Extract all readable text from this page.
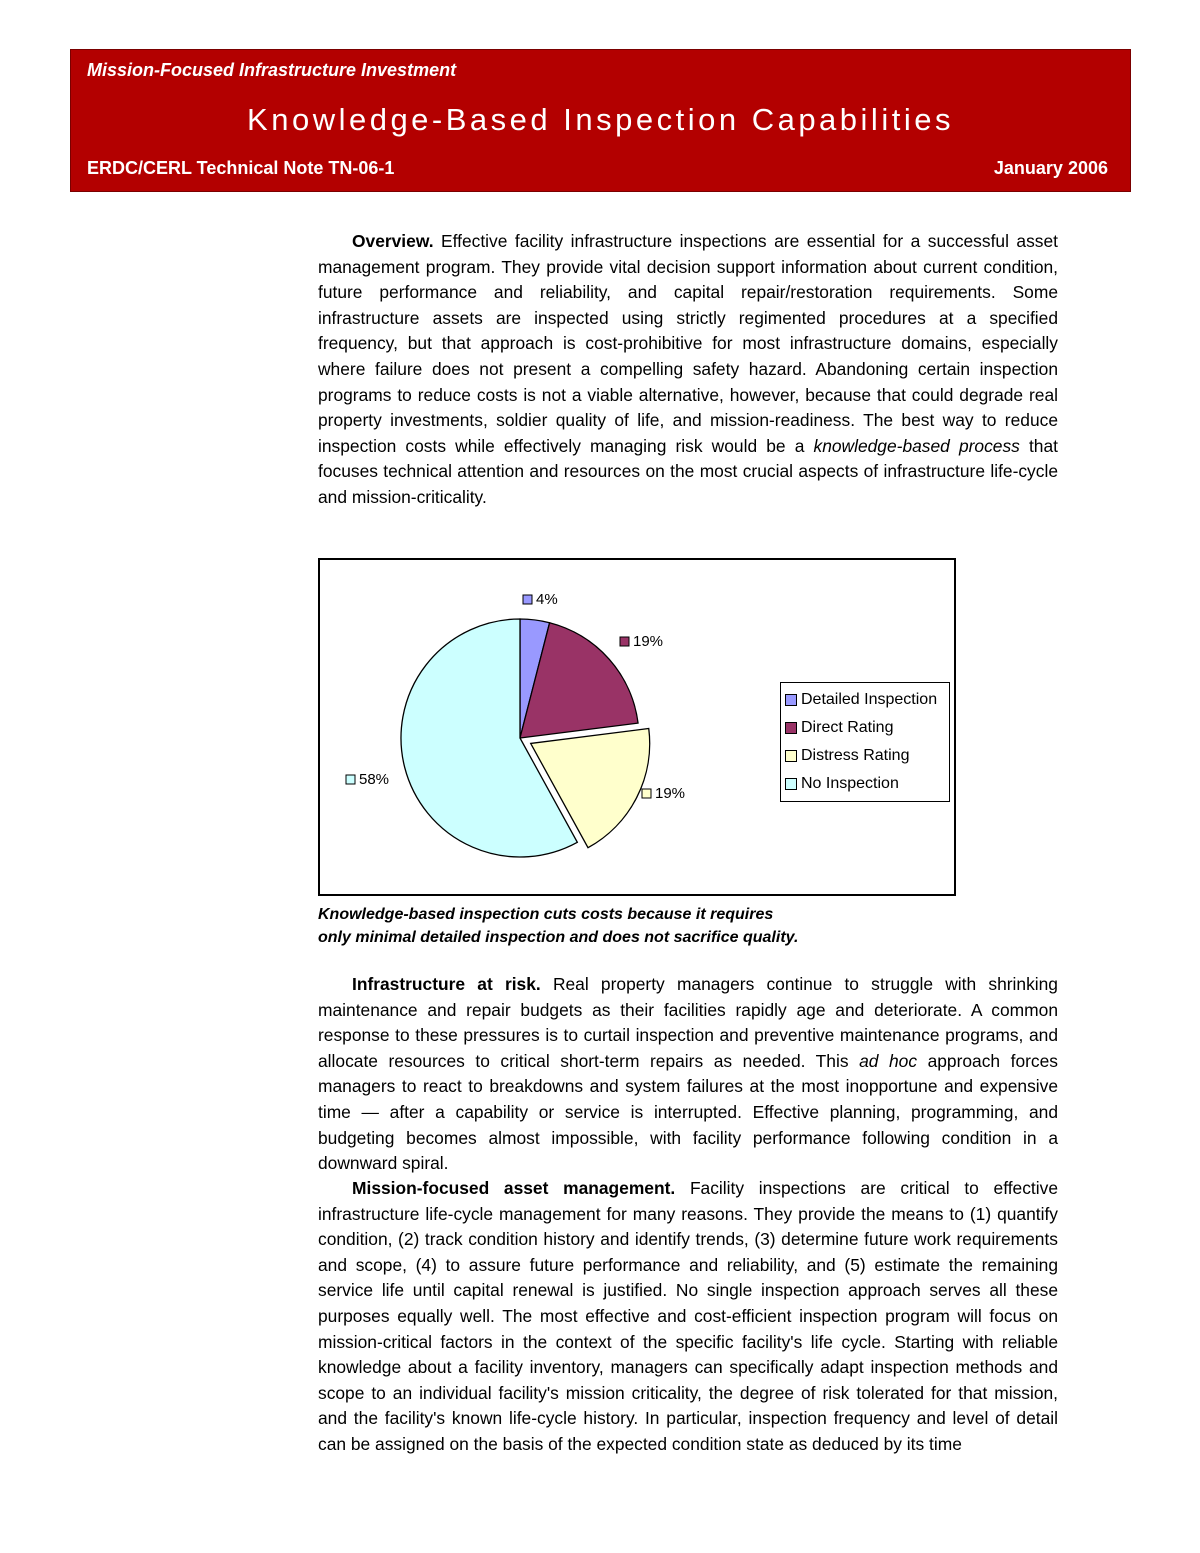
Mission-Focused Infrastructure Investment
Knowledge-Based Inspection Capabilities
ERDC/CERL Technical Note TN-06-1	January 2006

Overview. Effective facility infrastructure inspections are essential for a successful asset management program. They provide vital decision support information about current condition, future performance and reliability, and capital repair/restoration requirements. Some infrastructure assets are inspected using strictly regimented procedures at a specified frequency, but that approach is cost-prohibitive for most infrastructure domains, especially where failure does not present a compelling safety hazard. Abandoning certain inspection programs to reduce costs is not a viable alternative, however, because that could degrade real property investments, soldier quality of life, and mission-readiness. The best way to reduce inspection costs while effectively managing risk would be a knowledge-based process that focuses technical attention and resources on the most crucial aspects of infrastructure life-cycle and mission-criticality.

4%
19%
19%
58%
Detailed Inspection
Direct Rating
Distress Rating
No Inspection
Knowledge-based inspection cuts costs because it requires
only minimal detailed inspection and does not sacrifice quality.

Infrastructure at risk. Real property managers continue to struggle with shrinking maintenance and repair budgets as their facilities rapidly age and deteriorate. A common response to these pressures is to curtail inspection and preventive maintenance programs, and allocate resources to critical short-term repairs as needed. This ad hoc approach forces managers to react to breakdowns and system failures at the most inopportune and expensive time — after a capability or service is interrupted. Effective planning, programming, and budgeting becomes almost impossible, with facility performance following condition in a downward spiral.

Mission-focused asset management. Facility inspections are critical to effective infrastructure life-cycle management for many reasons. They provide the means to (1) quantify condition, (2) track condition history and identify trends, (3) determine future work requirements and scope, (4) to assure future performance and reliability, and (5) estimate the remaining service life until capital renewal is justified. No single inspection approach serves all these purposes equally well. The most effective and cost-efficient inspection program will focus on mission-critical factors in the context of the specific facility's life cycle. Starting with reliable knowledge about a facility inventory, managers can specifically adapt inspection methods and scope to an individual facility's mission criticality, the degree of risk tolerated for that mission, and the facility's known life-cycle history. In particular, inspection frequency and level of detail can be assigned on the basis of the expected condition state as deduced by its time
